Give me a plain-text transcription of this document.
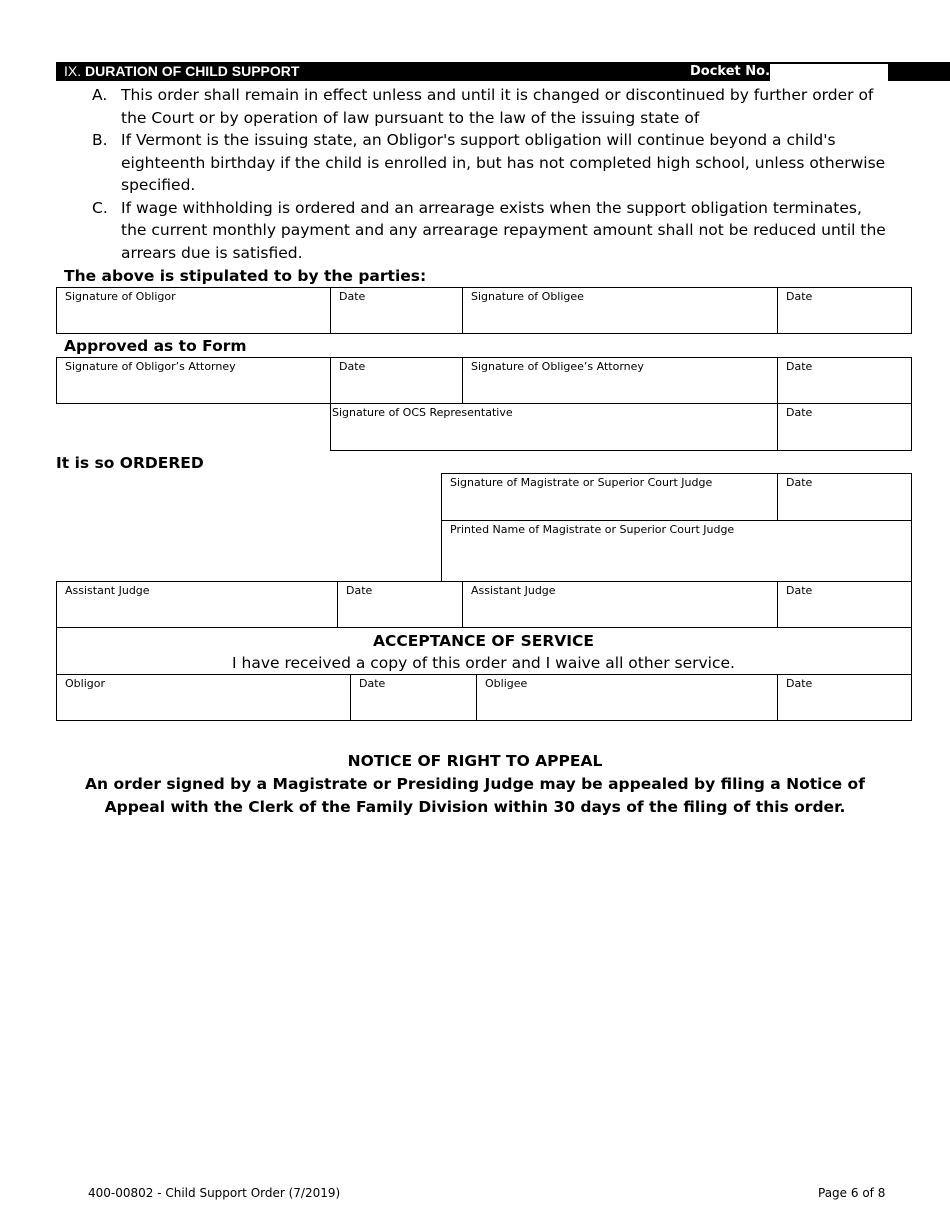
IX. DURATION OF CHILD SUPPORT	Docket No.
A. This order shall remain in effect unless and until it is changed or discontinued by further order of the Court or by operation of law pursuant to the law of the issuing state of
B. If Vermont is the issuing state, an Obligor's support obligation will continue beyond a child's eighteenth birthday if the child is enrolled in, but has not completed high school, unless otherwise specified.
C. If wage withholding is ordered and an arrearage exists when the support obligation terminates, the current monthly payment and any arrearage repayment amount shall not be reduced until the arrears due is satisfied.
The above is stipulated to by the parties:
Signature of Obligor	Date	Signature of Obligee	Date
Approved as to Form
Signature of Obligor’s Attorney	Date	Signature of Obligee’s Attorney	Date
Signature of OCS Representative	Date
It is so ORDERED
Signature of Magistrate or Superior Court Judge	Date
Printed Name of Magistrate or Superior Court Judge
Assistant Judge	Date	Assistant Judge	Date
ACCEPTANCE OF SERVICE
I have received a copy of this order and I waive all other service.
Obligor	Date	Obligee	Date
NOTICE OF RIGHT TO APPEAL
An order signed by a Magistrate or Presiding Judge may be appealed by filing a Notice of Appeal with the Clerk of the Family Division within 30 days of the filing of this order.
400-00802 - Child Support Order (7/2019)	Page 6 of 8
